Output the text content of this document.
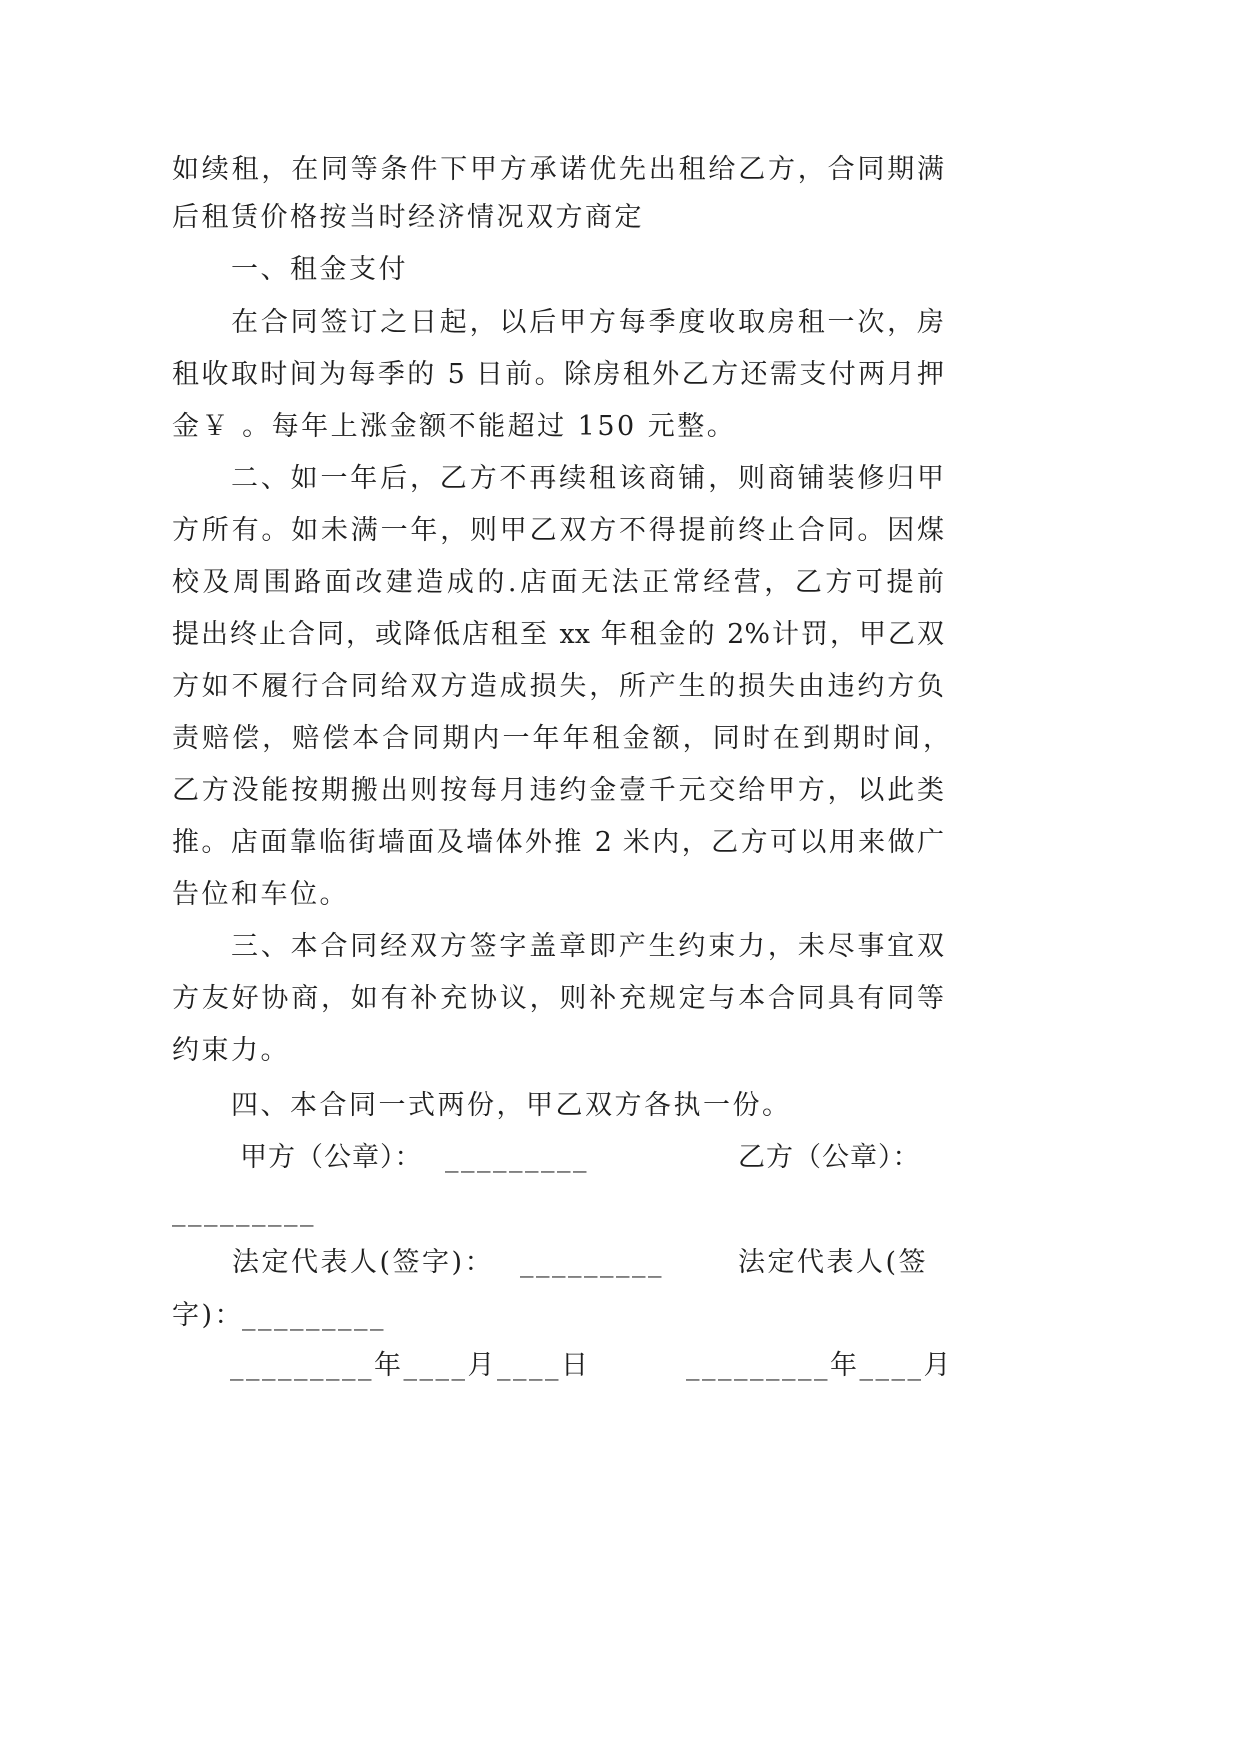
如续租，在同等条件下甲方承诺优先出租给乙方，合同期满
后租赁价格按当时经济情况双方商定
一、租金支付
在合同签订之日起，以后甲方每季度收取房租一次，房
租收取时间为每季的 5 日前。除房租外乙方还需支付两月押
金￥ 。每年上涨金额不能超过 150 元整。
二、如一年后，乙方不再续租该商铺，则商铺装修归甲
方所有。如未满一年，则甲乙双方不得提前终止合同。因煤
校及周围路面改建造成的.店面无法正常经营，乙方可提前
提出终止合同，或降低店租至 xx 年租金的 2%计罚，甲乙双
方如不履行合同给双方造成损失，所产生的损失由违约方负
责赔偿，赔偿本合同期内一年年租金额，同时在到期时间，
乙方没能按期搬出则按每月违约金壹千元交给甲方，以此类
推。店面靠临街墙面及墙体外推 2 米内，乙方可以用来做广
告位和车位。
三、本合同经双方签字盖章即产生约束力，未尽事宜双
方友好协商，如有补充协议，则补充规定与本合同具有同等
约束力。
四、本合同一式两份，甲乙双方各执一份。
甲方（公章）： _________	乙方（公章）：
_________
法定代表人(签字)： _________	法定代表人(签
字)：
_________
_________年____月____日	_________年____月
